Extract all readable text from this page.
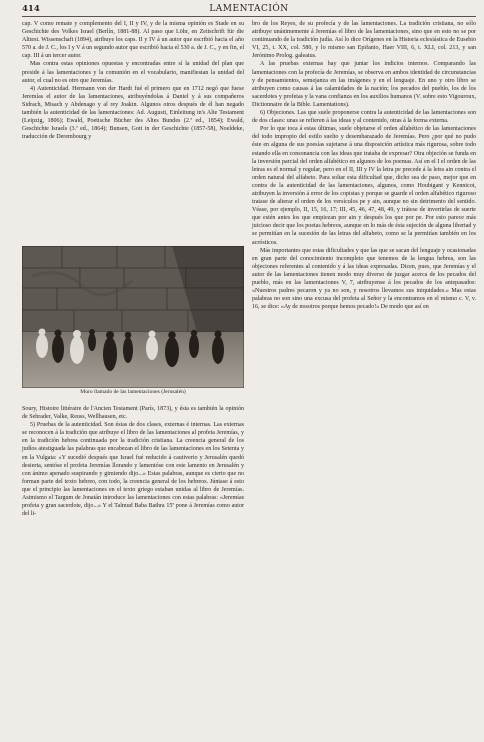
414	LAMENTACIÓN

cap. V como remate y complemento del I, II y IV, y de la misma opinión es Stade en su Geschichte des Volkes Israel (Berlín, 1881-88). Al paso que Löhr, en Zeitschrift für die Alttest. Wissenschaft (1894), atribuye los caps. II y IV á un autor que escribió hacia el año 570 a. de J. C., los I y V á un segundo autor que escribió hacia el 530 a. de J. C., y en fin, el cap. III á un tercer autor.

Mas contra estas opiniones opuestas y encontradas entre sí la unidad del plan que preside á las lamentaciones y la comunión en el vocabulario, manifiestan la unidad del autor, el cual no es otro que Jeremías.

4) Autenticidad. Hermann von der Hardt fué el primero que en 1712 negó que fuese Jeremías el autor de las lamentaciones, atribuyéndolas á Daniel y á sus compañeros Sidrach, Misach y Abdenago y al rey Joakin. Algunos otros después de él han negado también la autenticidad de las lamentaciones: Ad. Augusti, Einleitung in's Alte Testament (Leipzig, 1806); Ewald, Poetische Bücher des Altes Bundes (2.ª ed., 1854); Ewald, Geschichte Israels (3.ª ed., 1864); Bunsen, Gott in der Geschichte (1857-58), Noeldeke, traducción de Derembourg y

Muro llamado de las lamentaciones (Jerusalén)

Soury, Histoire littéraire de l'Ancien Testament (París, 1873), y ésta es también la opinión de Sehrader, Valke, Reuss, Wellhausen, etc.

5) Pruebas de la autenticidad. Son éstas de dos clases, externas é internas. Las externas se reconocen á la tradición que atribuye el libro de las lamentaciones al profeta Jeremías, y en la tradición hebrea continuada por la tradición cristiana. La creencia general de los judíos atestiguada las palabras que encabezan el libro de las lamentaciones en los Setenta y en la Vulgata: «Y sucedió después que Israel fué reducido á cautiverio y Jerusalén quedó desierta, sentóse el profeta Jeremías llorando y lamentóse con este lamento en Jerusalén y con ánimo apenado suspirando y gimiendo dijo...» Estas palabras, aunque es cierto que no forman parte del texto hebreo, con todo, la creencia general de los hebreos. Júntase á esto que el principio las lamentaciones en el texto griego estaban unidas al libro de Jeremías. Asimismo el Targum de Jonatán introduce las lamentaciones con estas palabras: «Jeremías profeta y gran sacerdote, dijo...» Y el Talmud Baba Bathra 15ª pone á Jeremías como autor del li-

bro de los Reyes, de su profecía y de las lamentaciones. La tradición cristiana, no sólo atribuye unánimemente á Jeremías el libro de las lamentaciones, sino que en esto no se por continuando de la tradición judía. Así lo dice Orígenes en la Historia eclesiástica de Eusebio VI, 25, t. XX, col. 580, y lo mismo san Epifanio, Haer VIII, 6, t. XLI, col. 213, y san Jerónimo Prolog. galeatus.

A las pruebas externas hay que juntar los indicios internos. Comparando las lamentaciones con la profecía de Jeremías, se observa en ambos identidad de circunstancias y de pensamientos, semejanza en las imágenes y en el lenguaje. En uno y otro libro se atribuyen como causas á las calamidades de la nación; los pecados del pueblo, los de los sacerdotes y profetas y la vana confianza en los auxilios humanos (V. sobre esto Vigouroux, Dictionnaire de la Bible. Lamentations).

6) Objeciones. Las que suele proponerse contra la autenticidad de las lamentaciones son de dos clases: unas se refieren á las ideas y al contenido, otras á la forma externa.

Por lo que toca á estas últimas, suele objetarse el orden alfabético de las lamentaciones del todo impropio del estilo suelto y desembarazado de Jeremías. Pero ¿por qué no pudo éste en alguna de sus poesías sujetarse á una disposición artística más rigurosa, sobre todo estando ella en consonancia con las ideas que trataba de expresar? Otra objeción se funda en la inversión parcial del orden alfabético en algunos de los poemas. Así en el I el orden de las letras es el normal y regular, pero en el II, III y IV la letra pe precede á la letra ain contra el orden natural del alfabeto. Para soltar esta dificultad que, dicho sea de paso, mejor que en contra de la autenticidad de las lamentaciones, algunos, como Houbigant y Kennicot, atribuyen la inversión á error de los copistas y porque se guarde el orden alfabético riguroso tratase de alterar el orden de los versículos pe y ain, aunque no sin detrimento del sentido. Véase, por ejemplo, II, 15, 16, 17; III, 45, 46, 47, 48, 49, y trátese de invertirlas de suerte que estén antes los que empiezan por ain y después los que por pe. Por esto parece más juicioso decir que los poetas hebreos, aunque en lo más de ésta sujeción de alguna libertad y se permitían en la sucesión de las letras del alfabeto, como se la permitían también en los acrósticos.

Más importantes que estas dificultades y que las que se sacan del lenguaje y ocasionadas en gran parte del conocimiento incompleto que tenemos de la lengua hebrea, son las objeciones referentes al contenido y á las ideas expresadas. Dicen, pues, que Jeremías y el autor de las lamentaciones tienen modo muy diverso de juzgar acerca de los pecados del pueblo, más en las lamentaciones V, 7, atribuyense á los pecados de los antepasados: «Nuestros padres pecaron y ya no son, y nosotros llevamos sus iniquidades.» Mas estas palabras no son sino una excusa del profeta al Señor y la encontramos en el mismo c. V, v. 16, se dice: «Ay de nosotros porque hemos pecado!» De modo que así en
